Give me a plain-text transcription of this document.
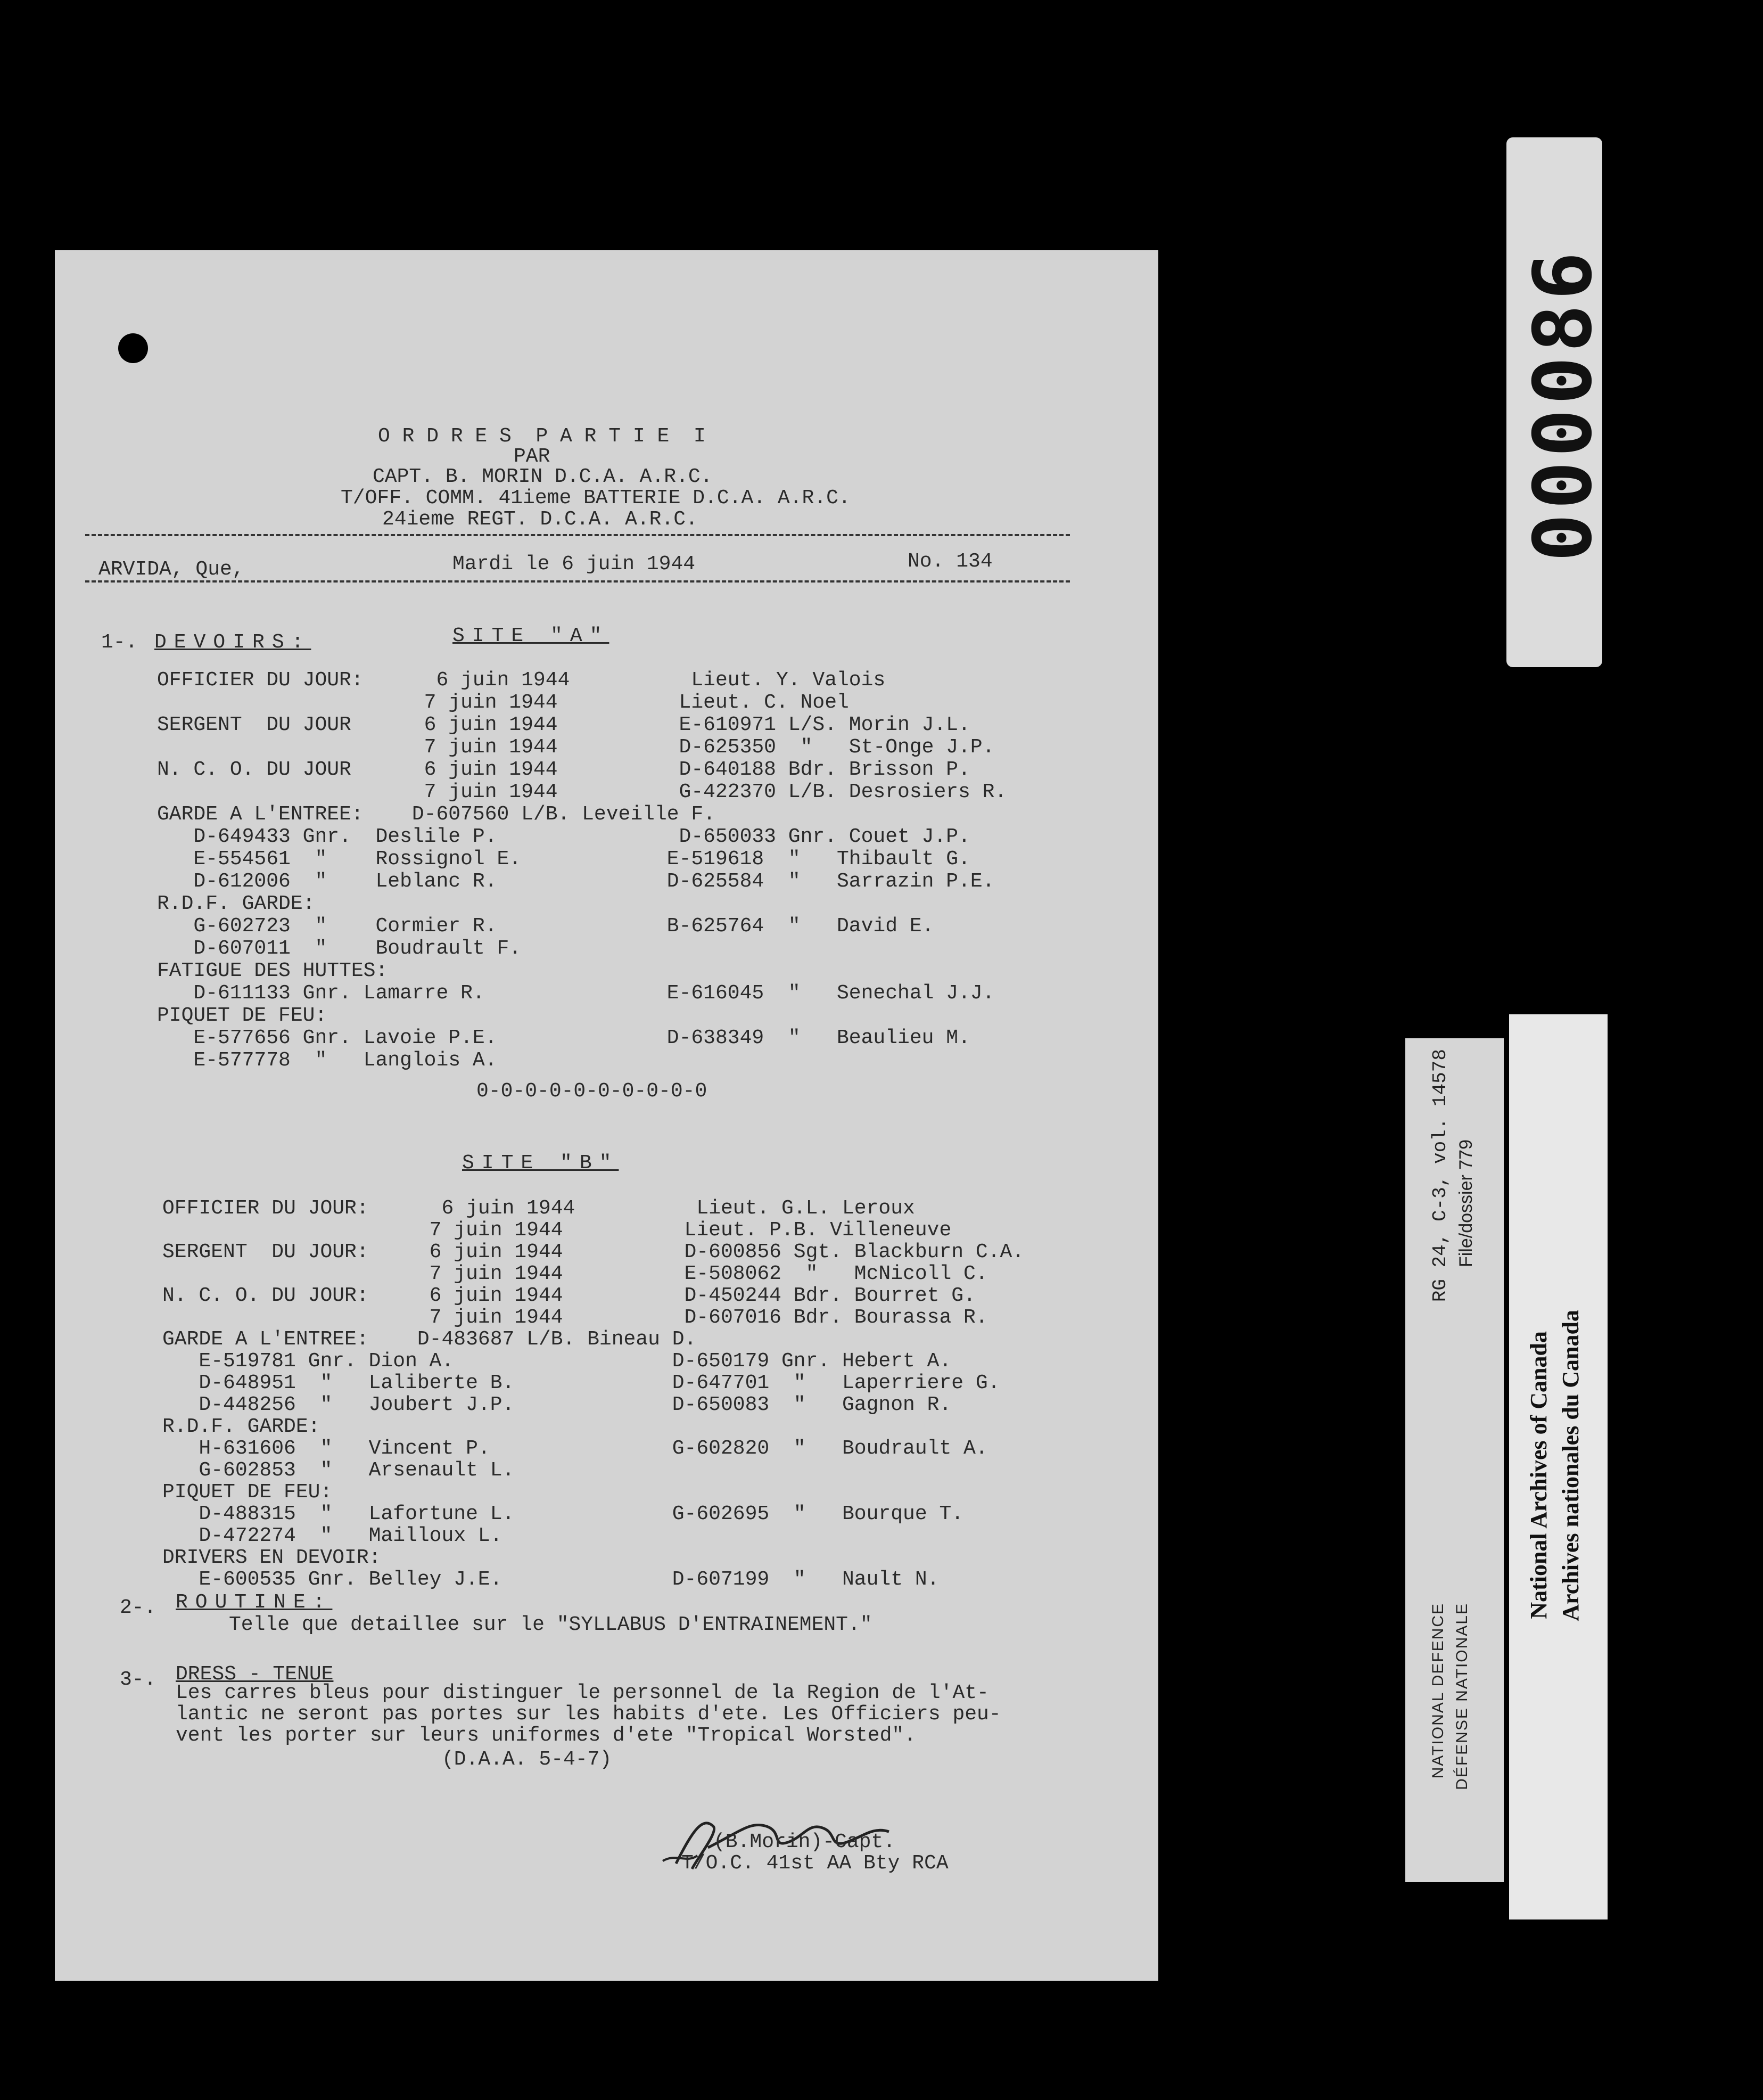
O R D R E S  P A R T I E  I
PAR
CAPT. B. MORIN D.C.A. A.R.C.
T/OFF. COMM. 41ieme BATTERIE D.C.A. A.R.C.
24ieme REGT. D.C.A. A.R.C.
ARVIDA, Que,	Mardi le 6 juin 1944	No. 134
1-. DEVOIRS:	SITE "A"
OFFICIER DU JOUR:      6 juin 1944          Lieut. Y. Valois
7 juin 1944          Lieut. C. Noel
SERGENT  DU JOUR      6 juin 1944          E-610971 L/S. Morin J.L.
7 juin 1944          D-625350  "   St-Onge J.P.
N. C. O. DU JOUR      6 juin 1944          D-640188 Bdr. Brisson P.
7 juin 1944          G-422370 L/B. Desrosiers R.
GARDE A L'ENTREE:    D-607560 L/B. Leveille F.
D-649433 Gnr.  Deslile P.               D-650033 Gnr. Couet J.P.
E-554561  "    Rossignol E.            E-519618  "   Thibault G.
D-612006  "    Leblanc R.              D-625584  "   Sarrazin P.E.
R.D.F. GARDE:
G-602723  "    Cormier R.              B-625764  "   David E.
D-607011  "    Boudrault F.
FATIGUE DES HUTTES:
D-611133 Gnr. Lamarre R.               E-616045  "   Senechal J.J.
PIQUET DE FEU:
E-577656 Gnr. Lavoie P.E.              D-638349  "   Beaulieu M.
E-577778  "   Langlois A.
0-0-0-0-0-0-0-0-0-0
SITE "B"
OFFICIER DU JOUR:      6 juin 1944          Lieut. G.L. Leroux
7 juin 1944          Lieut. P.B. Villeneuve
SERGENT  DU JOUR:     6 juin 1944          D-600856 Sgt. Blackburn C.A.
7 juin 1944          E-508062  "   McNicoll C.
N. C. O. DU JOUR:     6 juin 1944          D-450244 Bdr. Bourret G.
7 juin 1944          D-607016 Bdr. Bourassa R.
GARDE A L'ENTREE:    D-483687 L/B. Bineau D.
E-519781 Gnr. Dion A.                  D-650179 Gnr. Hebert A.
D-648951  "   Laliberte B.             D-647701  "   Laperriere G.
D-448256  "   Joubert J.P.             D-650083  "   Gagnon R.
R.D.F. GARDE:
H-631606  "   Vincent P.               G-602820  "   Boudrault A.
G-602853  "   Arsenault L.
PIQUET DE FEU:
D-488315  "   Lafortune L.             G-602695  "   Bourque T.
D-472274  "   Mailloux L.
DRIVERS EN DEVOIR:
E-600535 Gnr. Belley J.E.              D-607199  "   Nault N.
2-. ROUTINE:
Telle que detaillee sur le "SYLLABUS D'ENTRAINEMENT."
3-. DRESS - TENUE
Les carres bleus pour distinguer le personnel de la Region de l'At-
lantic ne seront pas portes sur les habits d'ete. Les Officiers peu-
vent les porter sur leurs uniformes d'ete "Tropical Worsted".
(D.A.A. 5-4-7)
(B.Morin)-Capt.
T/O.C. 41st AA Bty RCA
000086
RG 24, C-3, vol. 14578 File/dossier 779
NATIONAL DEFENCE DÉFENSE NATIONALE
National Archives of Canada Archives nationales du Canada
